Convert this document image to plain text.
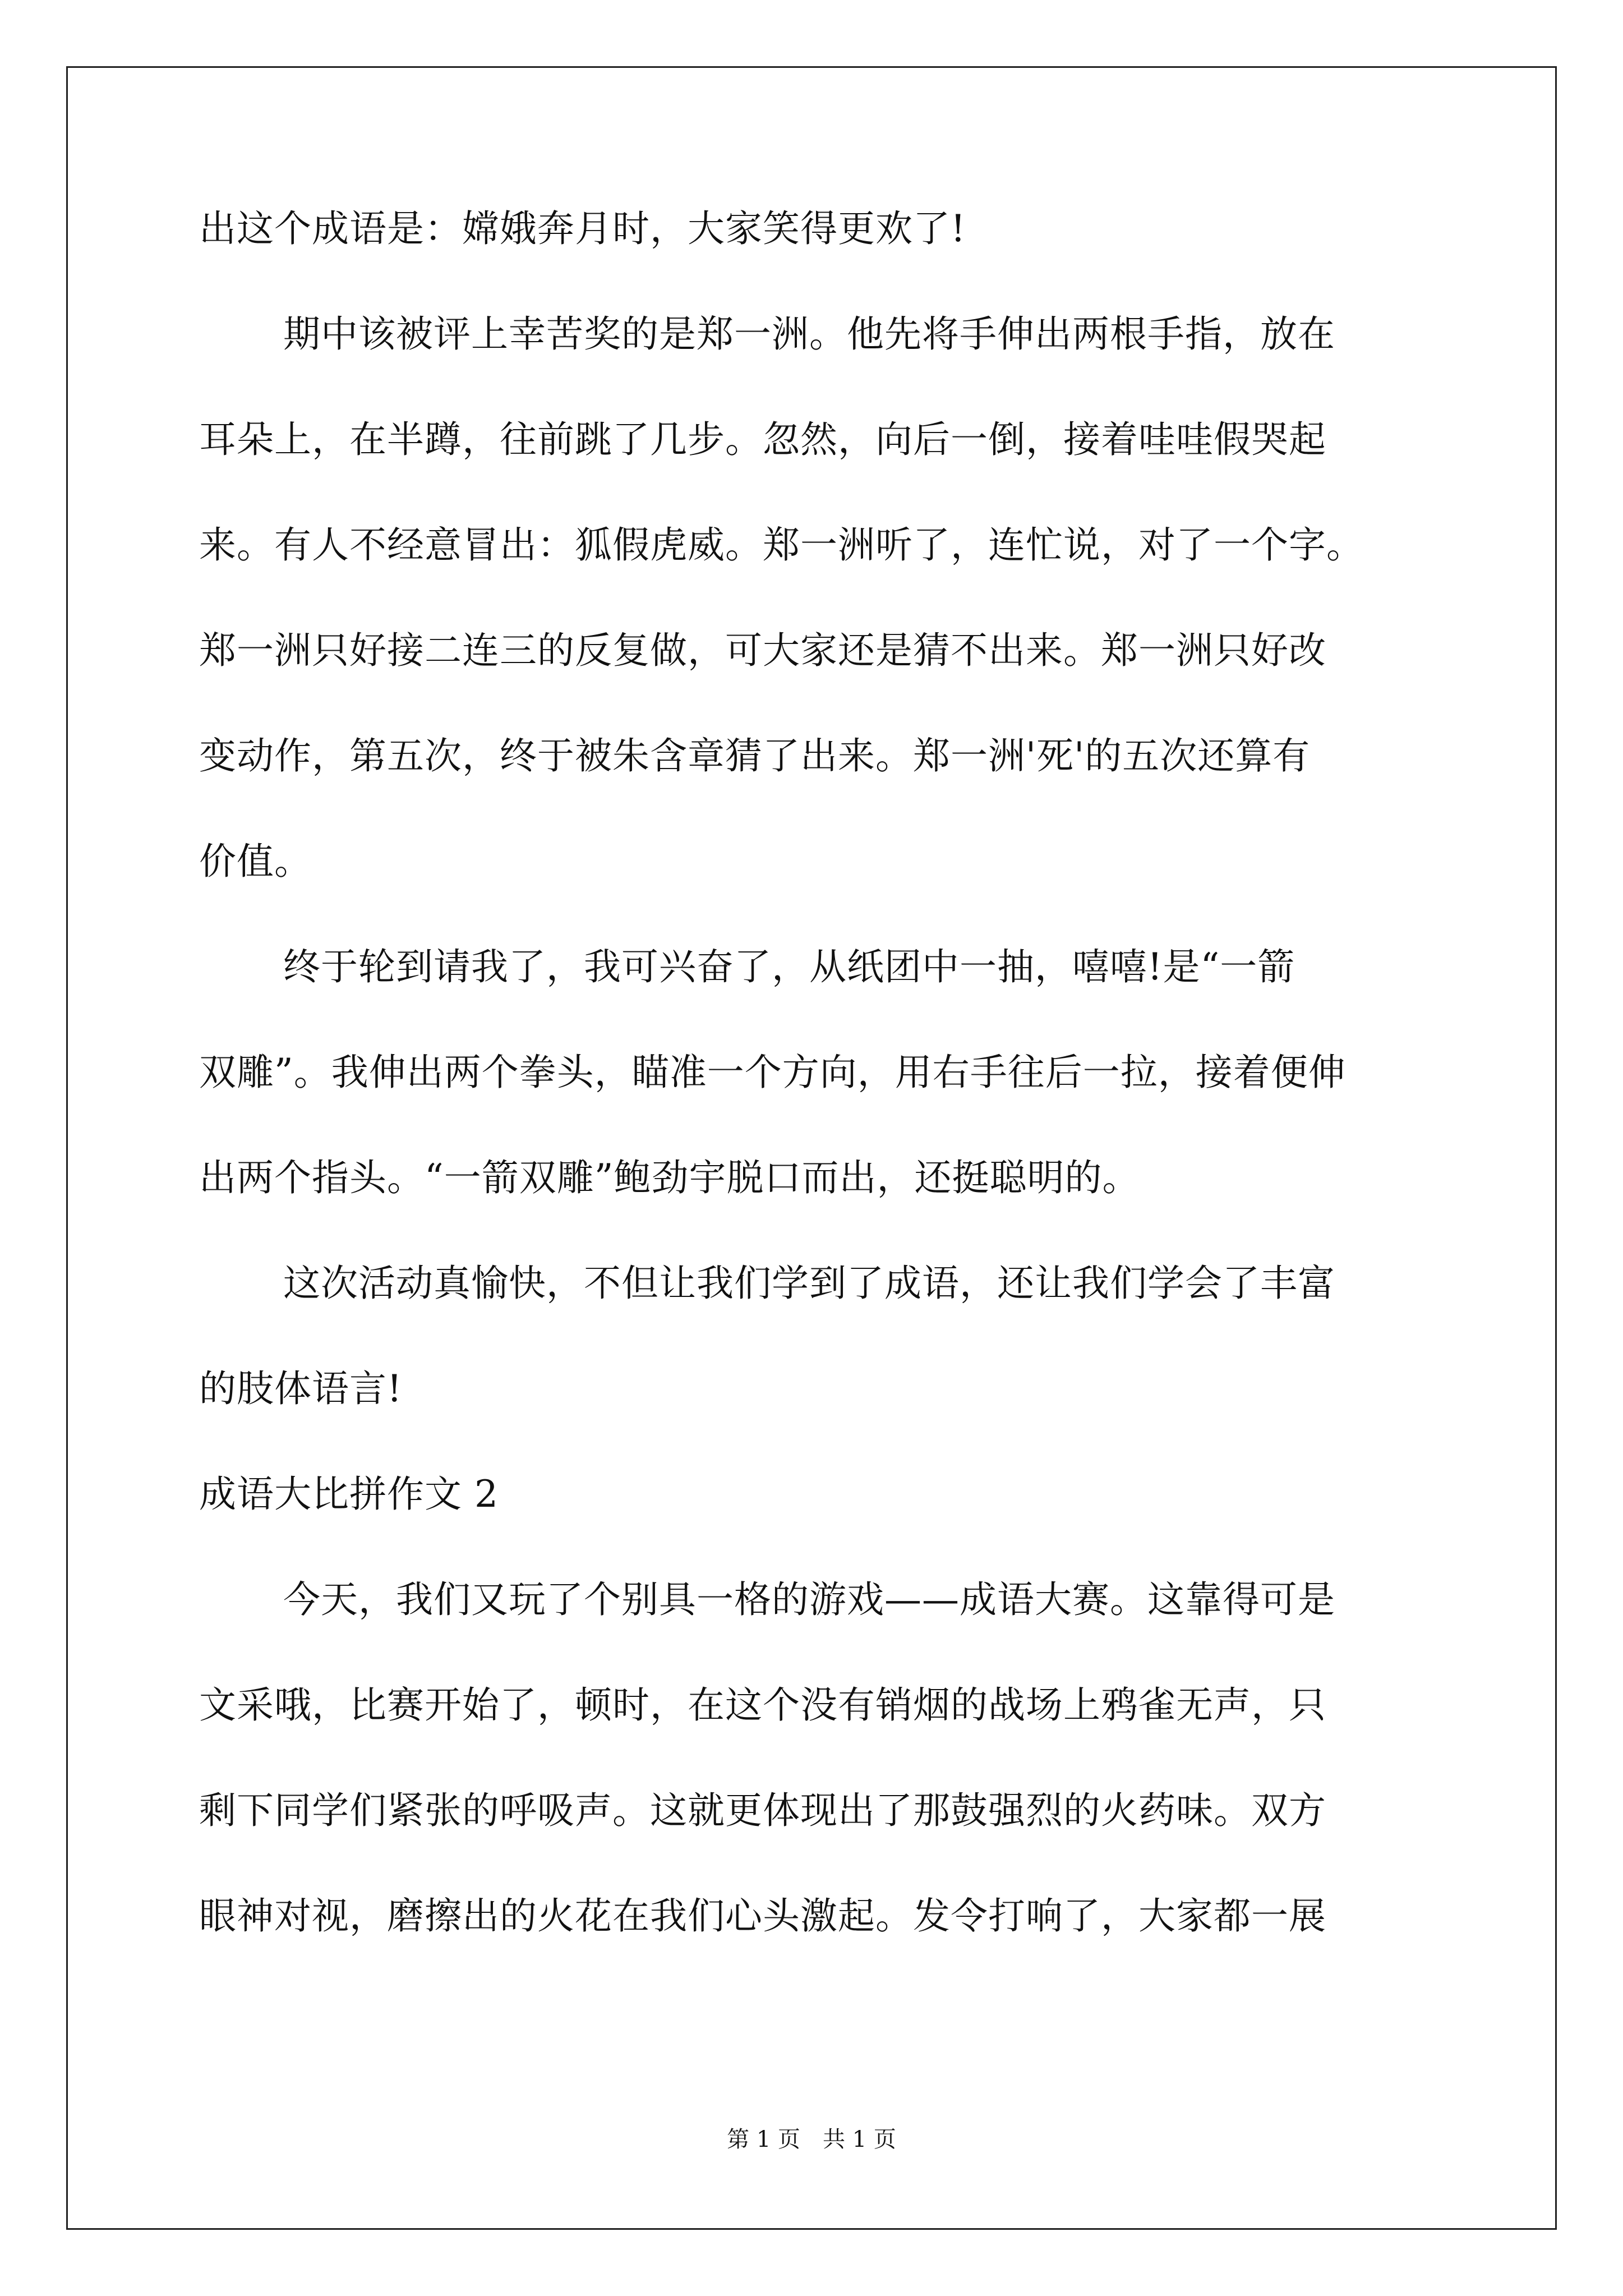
出这个成语是：嫦娥奔月时，大家笑得更欢了!
期中该被评上幸苦奖的是郑一洲。他先将手伸出两根手指，放在
耳朵上，在半蹲，往前跳了几步。忽然，向后一倒，接着哇哇假哭起
来。有人不经意冒出：狐假虎威。郑一洲听了，连忙说，对了一个字。
郑一洲只好接二连三的反复做，可大家还是猜不出来。郑一洲只好改
变动作，第五次，终于被朱含章猜了出来。郑一洲'死'的五次还算有
价值。
终于轮到请我了，我可兴奋了，从纸团中一抽，嘻嘻!是“一箭
双雕”。我伸出两个拳头，瞄准一个方向，用右手往后一拉，接着便伸
出两个指头。“一箭双雕”鲍劲宇脱口而出，还挺聪明的。
这次活动真愉快，不但让我们学到了成语，还让我们学会了丰富
的肢体语言!
成语大比拼作文 2
今天，我们又玩了个别具一格的游戏——成语大赛。这靠得可是
文采哦，比赛开始了，顿时，在这个没有销烟的战场上鸦雀无声，只
剩下同学们紧张的呼吸声。这就更体现出了那鼓强烈的火药味。双方
眼神对视，磨擦出的火花在我们心头激起。发令打响了，大家都一展
第 1 页　共 1 页
